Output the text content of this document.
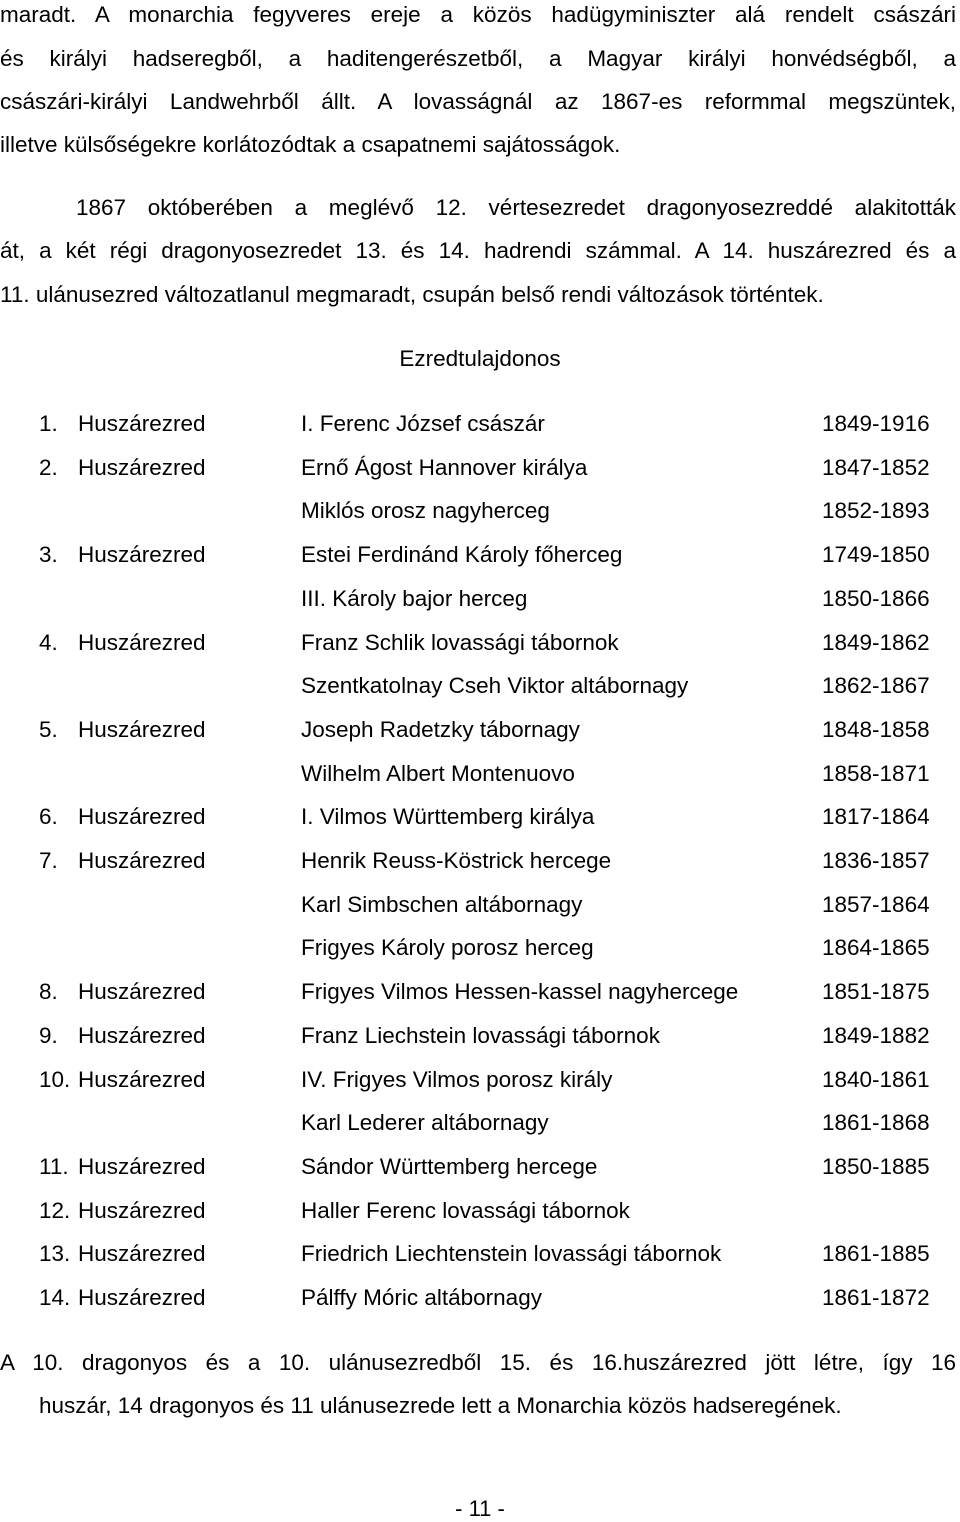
maradt. A monarchia fegyveres ereje a közös hadügyminiszter alá rendelt császári
és királyi hadseregből, a haditengerészetből, a Magyar királyi honvédségből, a
császári-királyi Landwehrből állt. A lovasságnál az 1867-es reformmal megszüntek,
illetve külsőségekre korlátozódtak a csapatnemi sajátosságok.
1867 októberében a meglévő 12. vértesezredet dragonyosezreddé alakitották
át, a két régi dragonyosezredet 13. és 14. hadrendi számmal. A 14. huszárezred és a
11. ulánusezred változatlanul megmaradt, csupán belső rendi változások történtek.
Ezredtulajdonos
1. Huszárezred	I. Ferenc József császár	1849-1916
2. Huszárezred	Ernő Ágost Hannover királya	1847-1852
Miklós orosz nagyherceg	1852-1893
3. Huszárezred	Estei Ferdinánd Károly főherceg	1749-1850
III. Károly bajor herceg	1850-1866
4. Huszárezred	Franz Schlik lovassági tábornok	1849-1862
Szentkatolnay Cseh Viktor altábornagy	1862-1867
5. Huszárezred	Joseph Radetzky tábornagy	1848-1858
Wilhelm Albert Montenuovo	1858-1871
6. Huszárezred	I. Vilmos Württemberg királya	1817-1864
7. Huszárezred	Henrik Reuss-Köstrick hercege	1836-1857
Karl Simbschen altábornagy	1857-1864
Frigyes Károly porosz herceg	1864-1865
8. Huszárezred	Frigyes Vilmos Hessen-kassel nagyhercege	1851-1875
9. Huszárezred	Franz Liechstein lovassági tábornok	1849-1882
10. Huszárezred	IV. Frigyes Vilmos porosz király	1840-1861
Karl Lederer altábornagy	1861-1868
11. Huszárezred	Sándor Württemberg hercege	1850-1885
12. Huszárezred	Haller Ferenc lovassági tábornok
13. Huszárezred	Friedrich Liechtenstein lovassági tábornok	1861-1885
14. Huszárezred	Pálffy Móric altábornagy	1861-1872
A 10. dragonyos és a 10. ulánusezredből 15. és 16.huszárezred jött létre, így 16
huszár, 14 dragonyos és 11 ulánusezrede lett a Monarchia közös hadseregének.
- 11 -
